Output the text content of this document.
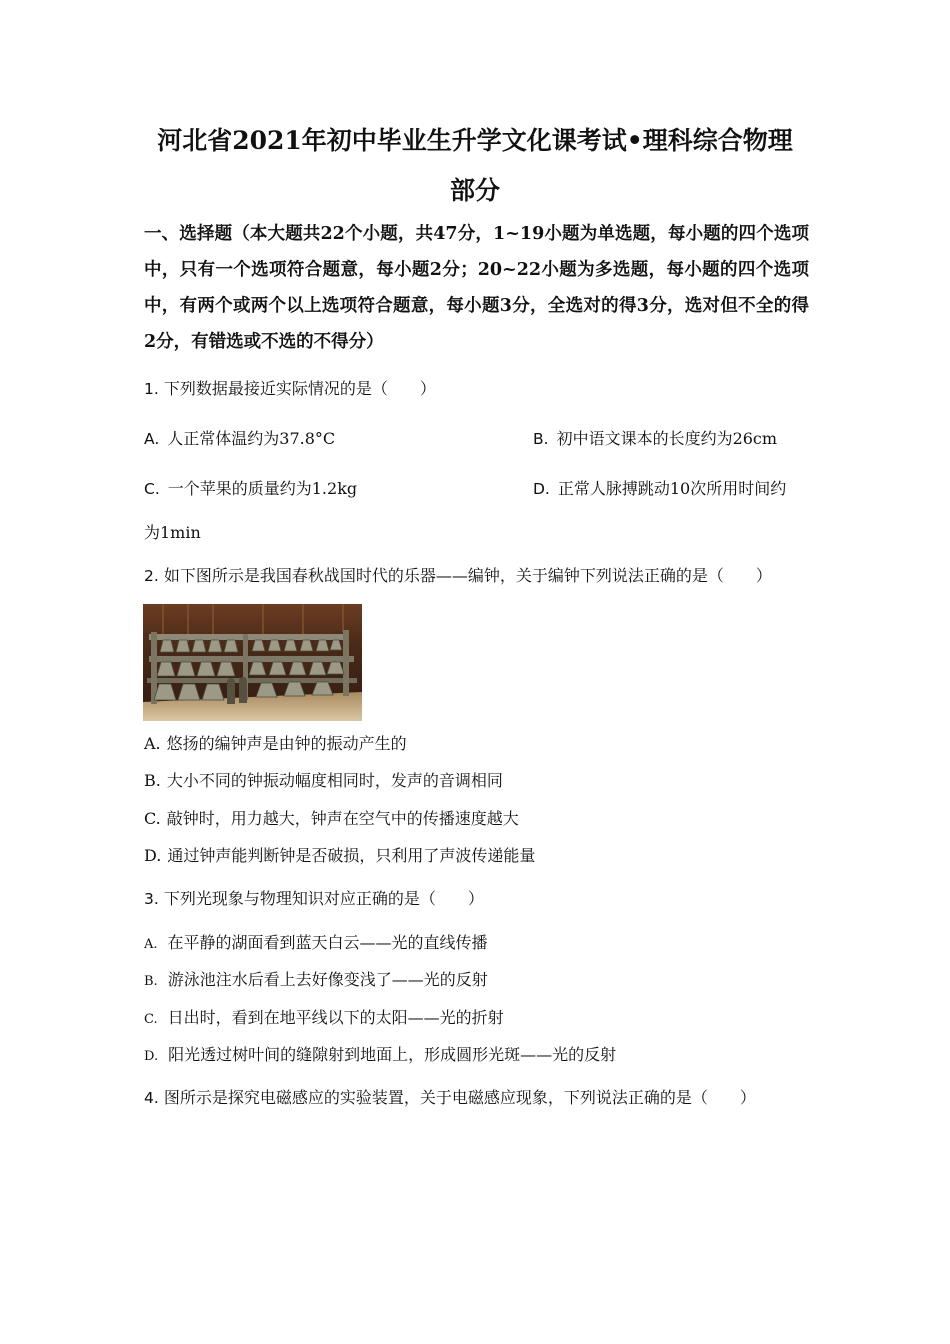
河北省2021年初中毕业生升学文化课考试•理科综合物理
部分
一、选择题（本大题共22个小题，共47分，1~19小题为单选题，每小题的四个选项中，只有一个选项符合题意，每小题2分；20~22小题为多选题，每小题的四个选项中，有两个或两个以上选项符合题意，每小题3分，全选对的得3分，选对但不全的得2分，有错选或不选的不得分）
1. 下列数据最接近实际情况的是（　　）
A. 人正常体温约为37.8°C	B. 初中语文课本的长度约为26cm
C. 一个苹果的质量约为1.2kg	D. 正常人脉搏跳动10次所用时间约
为1min
2. 如下图所示是我国春秋战国时代的乐器——编钟，关于编钟下列说法正确的是（　　）
A. 悠扬的编钟声是由钟的振动产生的
B. 大小不同的钟振动幅度相同时，发声的音调相同
C. 敲钟时，用力越大，钟声在空气中的传播速度越大
D. 通过钟声能判断钟是否破损，只利用了声波传递能量
3. 下列光现象与物理知识对应正确的是（　　）
A. 在平静的湖面看到蓝天白云——光的直线传播
B. 游泳池注水后看上去好像变浅了——光的反射
C. 日出时，看到在地平线以下的太阳——光的折射
D. 阳光透过树叶间的缝隙射到地面上，形成圆形光斑——光的反射
4. 图所示是探究电磁感应的实验装置，关于电磁感应现象，下列说法正确的是（　　）
